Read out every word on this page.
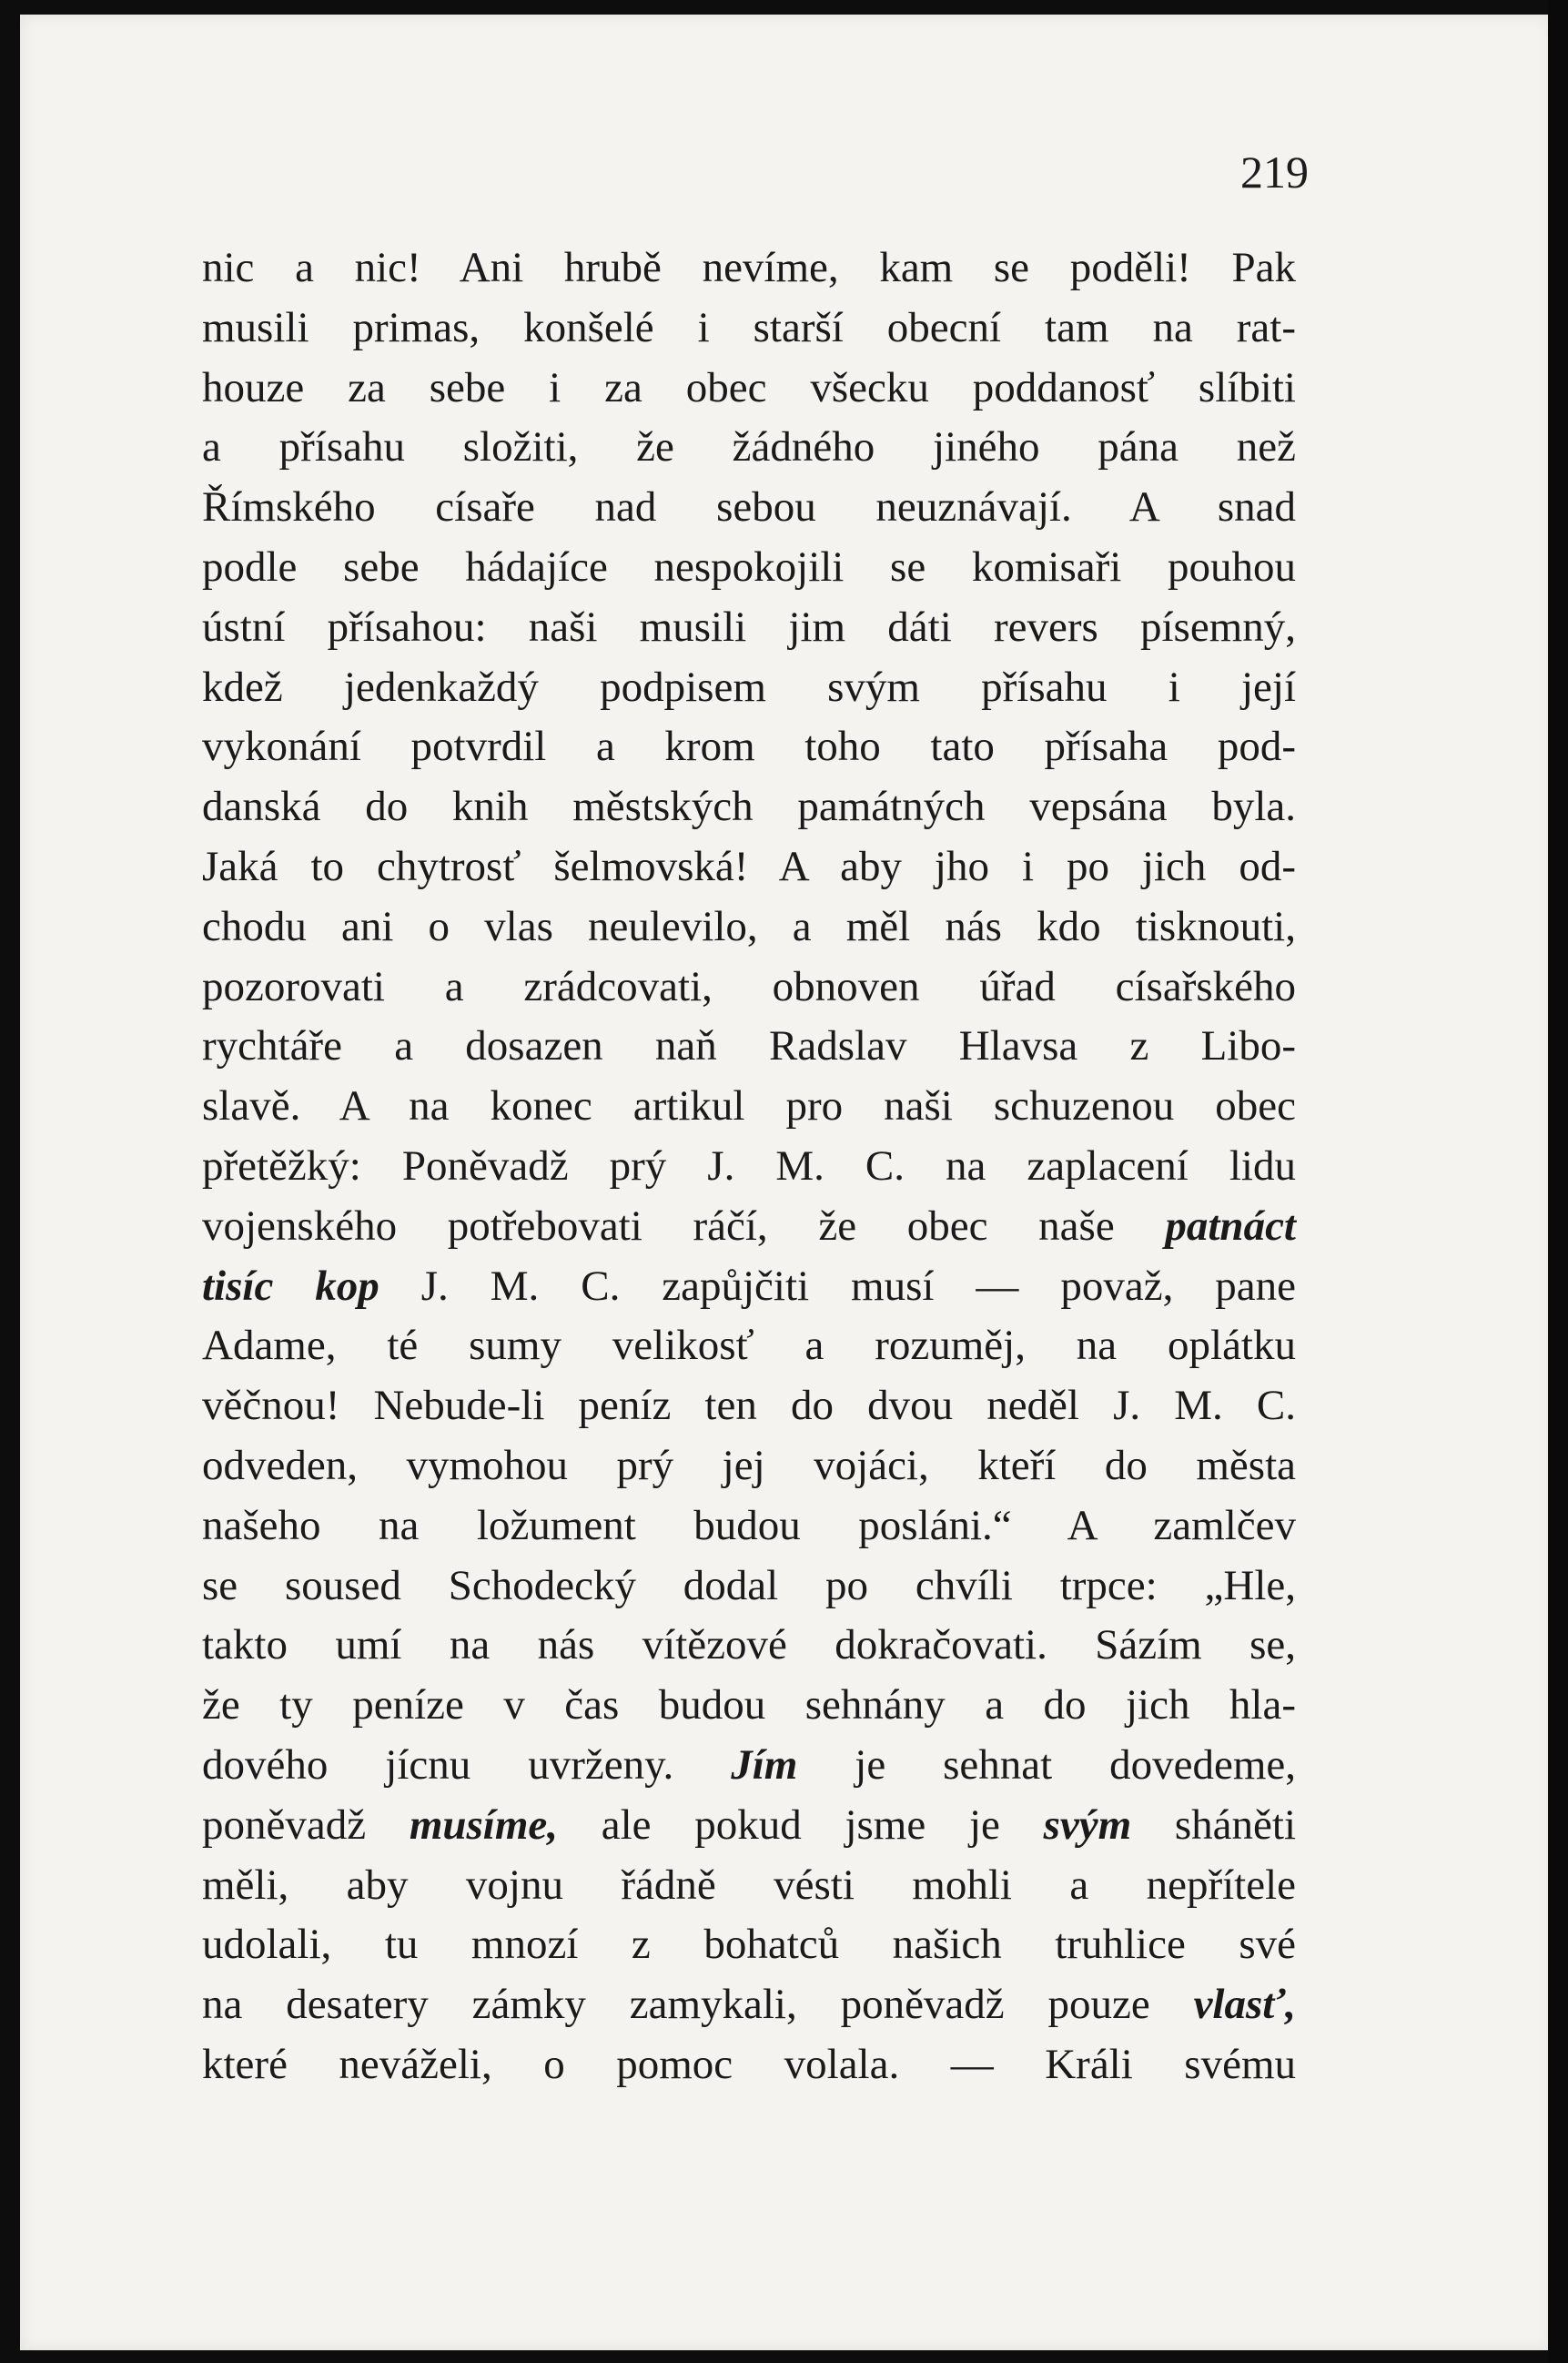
219

nic a nic! Ani hrubě nevíme, kam se poděli! Pak
musili primas, konšelé i starší obecní tam na rat-
houze za sebe i za obec všecku poddanosť slíbiti
a přísahu složiti, že žádného jiného pána než
Římského císaře nad sebou neuznávají. A snad
podle sebe hádajíce nespokojili se komisaři pouhou
ústní přísahou: naši musili jim dáti revers písemný,
kdež jedenkaždý podpisem svým přísahu i její
vykonání potvrdil a krom toho tato přísaha pod-
danská do knih městských památných vepsána byla.
Jaká to chytrosť šelmovská! A aby jho i po jich od-
chodu ani o vlas neulevilo, a měl nás kdo tisknouti,
pozorovati a zrádcovati, obnoven úřad císařského
rychtáře a dosazen naň Radslav Hlavsa z Libo-
slavě. A na konec artikul pro naši schuzenou obec
přetěžký: Poněvadž prý J. M. C. na zaplacení lidu
vojenského potřebovati ráčí, že obec naše patnáct
tisíc kop J. M. C. zapůjčiti musí — považ, pane
Adame, té sumy velikosť a rozuměj, na oplátku
věčnou! Nebude-li peníz ten do dvou neděl J. M. C.
odveden, vymohou prý jej vojáci, kteří do města
našeho na ložument budou posláni.“ A zamlčev
se soused Schodecký dodal po chvíli trpce: „Hle,
takto umí na nás vítězové dokračovati. Sázím se,
že ty peníze v čas budou sehnány a do jich hla-
dového jícnu uvrženy. Jím je sehnat dovedeme,
poněvadž musíme, ale pokud jsme je svým sháněti
měli, aby vojnu řádně vésti mohli a nepřítele
udolali, tu mnozí z bohatců našich truhlice své
na desatery zámky zamykali, poněvadž pouze vlasť,
které neváželi, o pomoc volala. — Králi svému
